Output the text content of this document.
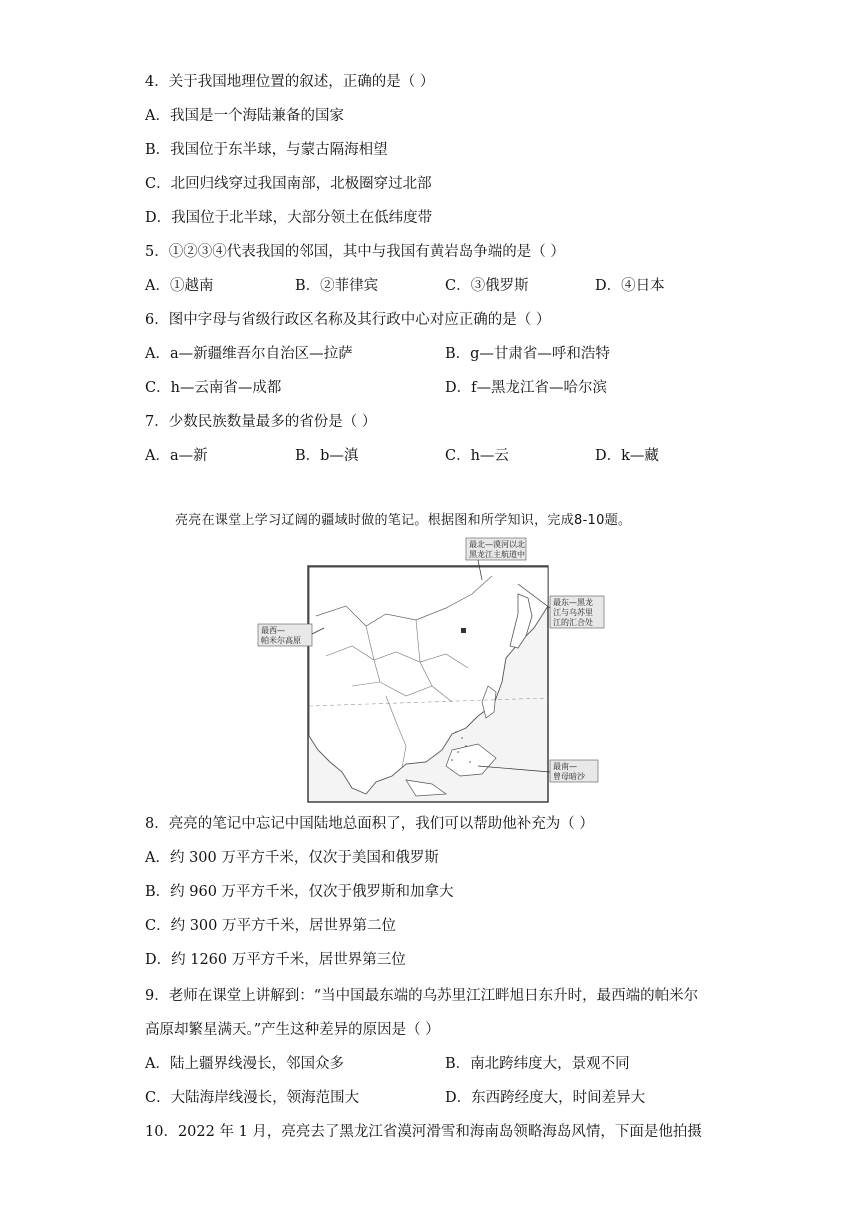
4．关于我国地理位置的叙述，正确的是（ ）
A．我国是一个海陆兼备的国家
B．我国位于东半球，与蒙古隔海相望
C．北回归线穿过我国南部，北极圈穿过北部
D．我国位于北半球，大部分领土在低纬度带
5．①②③④代表我国的邻国，其中与我国有黄岩岛争端的是（ ）
A．①越南	B．②菲律宾	C．③俄罗斯	D．④日本
6．图中字母与省级行政区名称及其行政中心对应正确的是（ ）
A．a—新疆维吾尔自治区—拉萨	B．g—甘肃省—呼和浩特
C．h—云南省—成都	D．f—黑龙江省—哈尔滨
7．少数民族数量最多的省份是（ ）
A．a—新	B．b—滇	C．h—云	D．k—藏
亮亮在课堂上学习辽阔的疆域时做的笔记。根据图和所学知识，完成8-10题。
最北—漠河以北
黑龙江主航道中
最东—黑龙
江与乌苏里
江的汇合处
最西—
帕米尔高原
最南—
曾母暗沙
8．亮亮的笔记中忘记中国陆地总面积了，我们可以帮助他补充为（ ）
A．约 300 万平方千米，仅次于美国和俄罗斯
B．约 960 万平方千米，仅次于俄罗斯和加拿大
C．约 300 万平方千米，居世界第二位
D．约 1260 万平方千米，居世界第三位
9．老师在课堂上讲解到：“当中国最东端的乌苏里江江畔旭日东升时，最西端的帕米尔
高原却繁星满天。”产生这种差异的原因是（ ）
A．陆上疆界线漫长，邻国众多	B．南北跨纬度大，景观不同
C．大陆海岸线漫长，领海范围大	D．东西跨经度大，时间差异大
10．2022 年 1 月，亮亮去了黑龙江省漠河滑雪和海南岛领略海岛风情，下面是他拍摄
